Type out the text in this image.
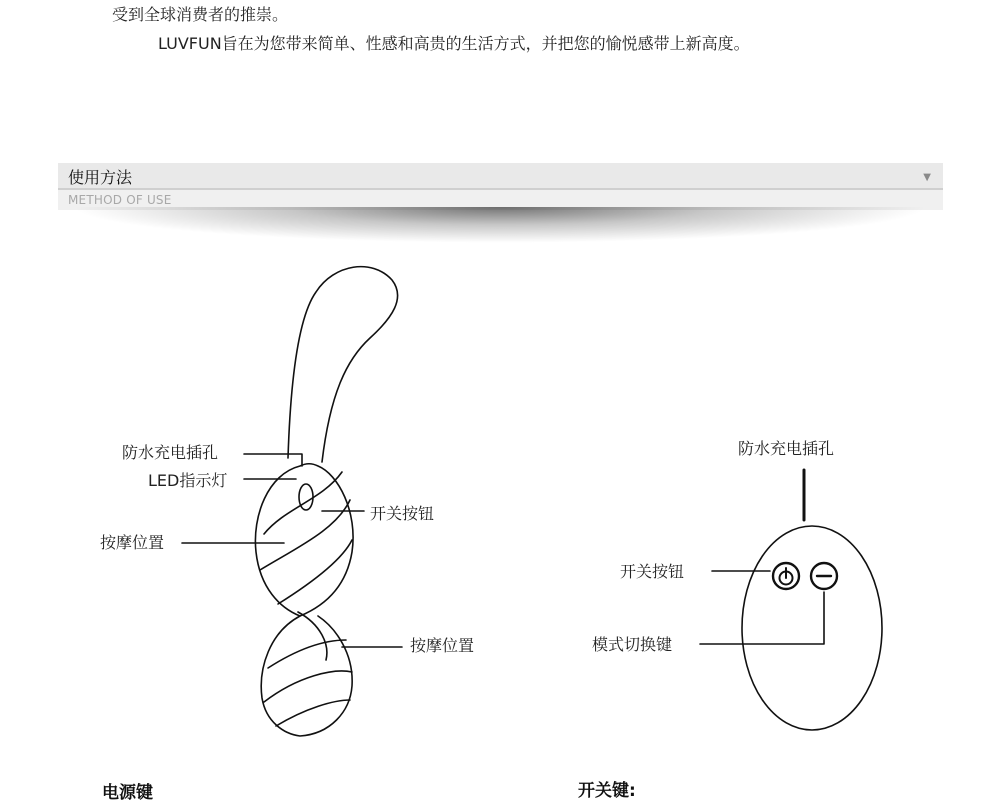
受到全球消费者的推崇。
LUVFUN旨在为您带来简单、性感和高贵的生活方式，并把您的愉悦感带上新高度。
使用方法
METHOD OF USE
▼
防水充电插孔
LED指示灯
开关按钮
按摩位置
按摩位置
防水充电插孔
开关按钮
模式切换键
电源键	开关键:
